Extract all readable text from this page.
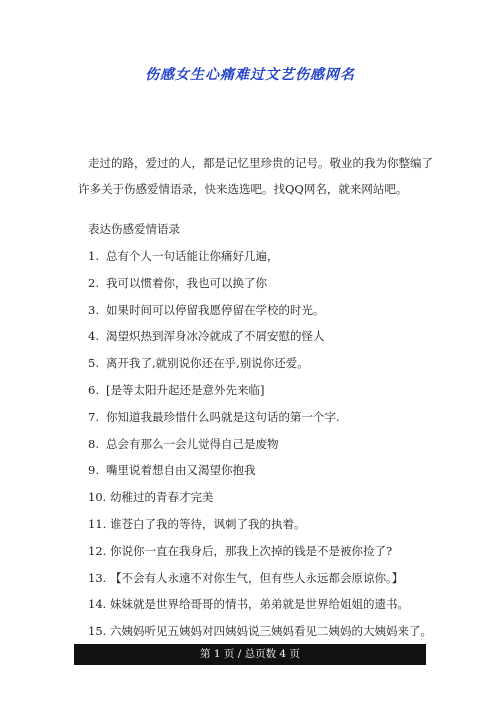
伤感女生心痛难过文艺伤感网名
走过的路，爱过的人，都是记忆里珍贵的记号。敬业的我为你整编了许多关于伤感爱情语录，快来选选吧。找QQ网名，就来网站吧。
表达伤感爱情语录
1. 总有个人一句话能让你痛好几遍，
2. 我可以惯着你，我也可以换了你
3. 如果时间可以停留我愿停留在学校的时光。
4. 渴望炽热到浑身冰冷就成了不屑安慰的怪人
5. 离开我了,就别说你还在乎,别说你还爱。
6. [是等太阳升起还是意外先来临]
7. 你知道我最珍惜什么吗就是这句话的第一个字.
8. 总会有那么一会儿觉得自己是废物
9. 嘴里说着想自由又渴望你抱我
10. 幼稚过的青春才完美
11. 谁苍白了我的等待，讽刺了我的执着。
12. 你说你一直在我身后，那我上次掉的钱是不是被你捡了?
13. 【不会有人永遠不对你生气，但有些人永远都会原谅你。】
14. 妹妹就是世界给哥哥的情书，弟弟就是世界给姐姐的遗书。
15. 六姨妈听见五姨妈对四姨妈说三姨妈看见二姨妈的大姨妈来了。
第 1 页 / 总页数 4 页
